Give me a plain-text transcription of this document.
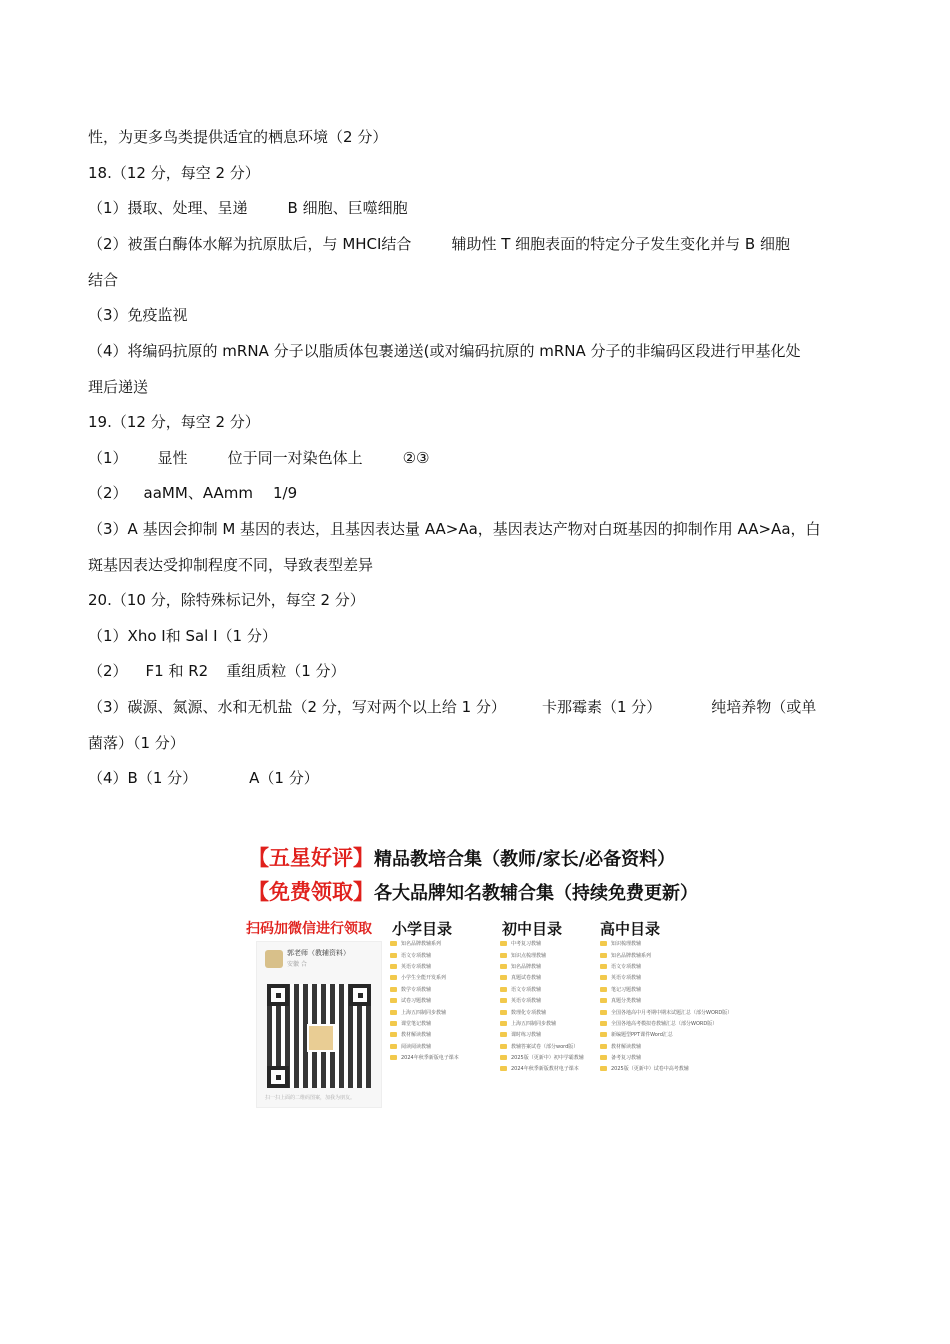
性，为更多鸟类提供适宜的栖息环境（2 分）
18.（12 分，每空 2 分）
（1）摄取、处理、呈递	B 细胞、巨噬细胞
（2）被蛋白酶体水解为抗原肽后，与 MHCⅠ结合	辅助性 T 细胞表面的特定分子发生变化并与 B 细胞
结合
（3）免疫监视
（4）将编码抗原的 mRNA 分子以脂质体包裹递送(或对编码抗原的 mRNA 分子的非编码区段进行甲基化处
理后递送
19.（12 分，每空 2 分）
（1） 显性	位于同一对染色体上	②③
（2） aaMM、AAmm 1/9
（3）A 基因会抑制 M 基因的表达，且基因表达量 AA>Aa，基因表达产物对白斑基因的抑制作用 AA>Aa，白
斑基因表达受抑制程度不同，导致表型差异
20.（10 分，除特殊标记外，每空 2 分）
（1）Xho Ⅰ和 Sal Ⅰ（1 分）
（2） F1 和 R2 重组质粒（1 分）
（3）碳源、氮源、水和无机盐（2 分，写对两个以上给 1 分） 卡那霉素（1 分）	纯培养物（或单
菌落）（1 分）
（4）B（1 分）	A（1 分）
【五星好评】精品教培合集（教师/家长/必备资料）
【免费领取】各大品牌知名教辅合集（持续免费更新）
扫码加微信进行领取 小学目录	初中目录	高中目录
郭老师（教辅资料）
安徽 合
扫一扫上面的二维码图案，加我为朋友。
知名品牌教辅系列
语文专项教辅
英语专项教辅
小学生全能开发系列
数学专项教辅
试卷习题教辅
上海五四制同步教辅
课堂笔记教辅
教材解读教辅
阅读阅读教辅
2024年秋季新版电子课本
中考复习教辅
知识点梳理教辅
知名品牌教辅
真题试卷教辅
语文专项教辅
英语专项教辅
数理化专项教辅
上海五四制同步教辅
课时练习教辅
教辅答案试卷（部分word版）
2025版（更新中）初中学霸教辅
2024年秋季新版教材电子课本
知识梳理教辅
知名品牌教辅系列
语文专项教辅
英语专项教辅
笔记习题教辅
真题分类教辅
全国各地高中月考期中期末试题汇总（部分WORD版）
全国各地高考模拟卷教辅汇总（部分WORD版）
新编题型PPT课件Word汇总
教材解读教辅
备考复习教辅
2025版（更新中）试卷中高考教辅
